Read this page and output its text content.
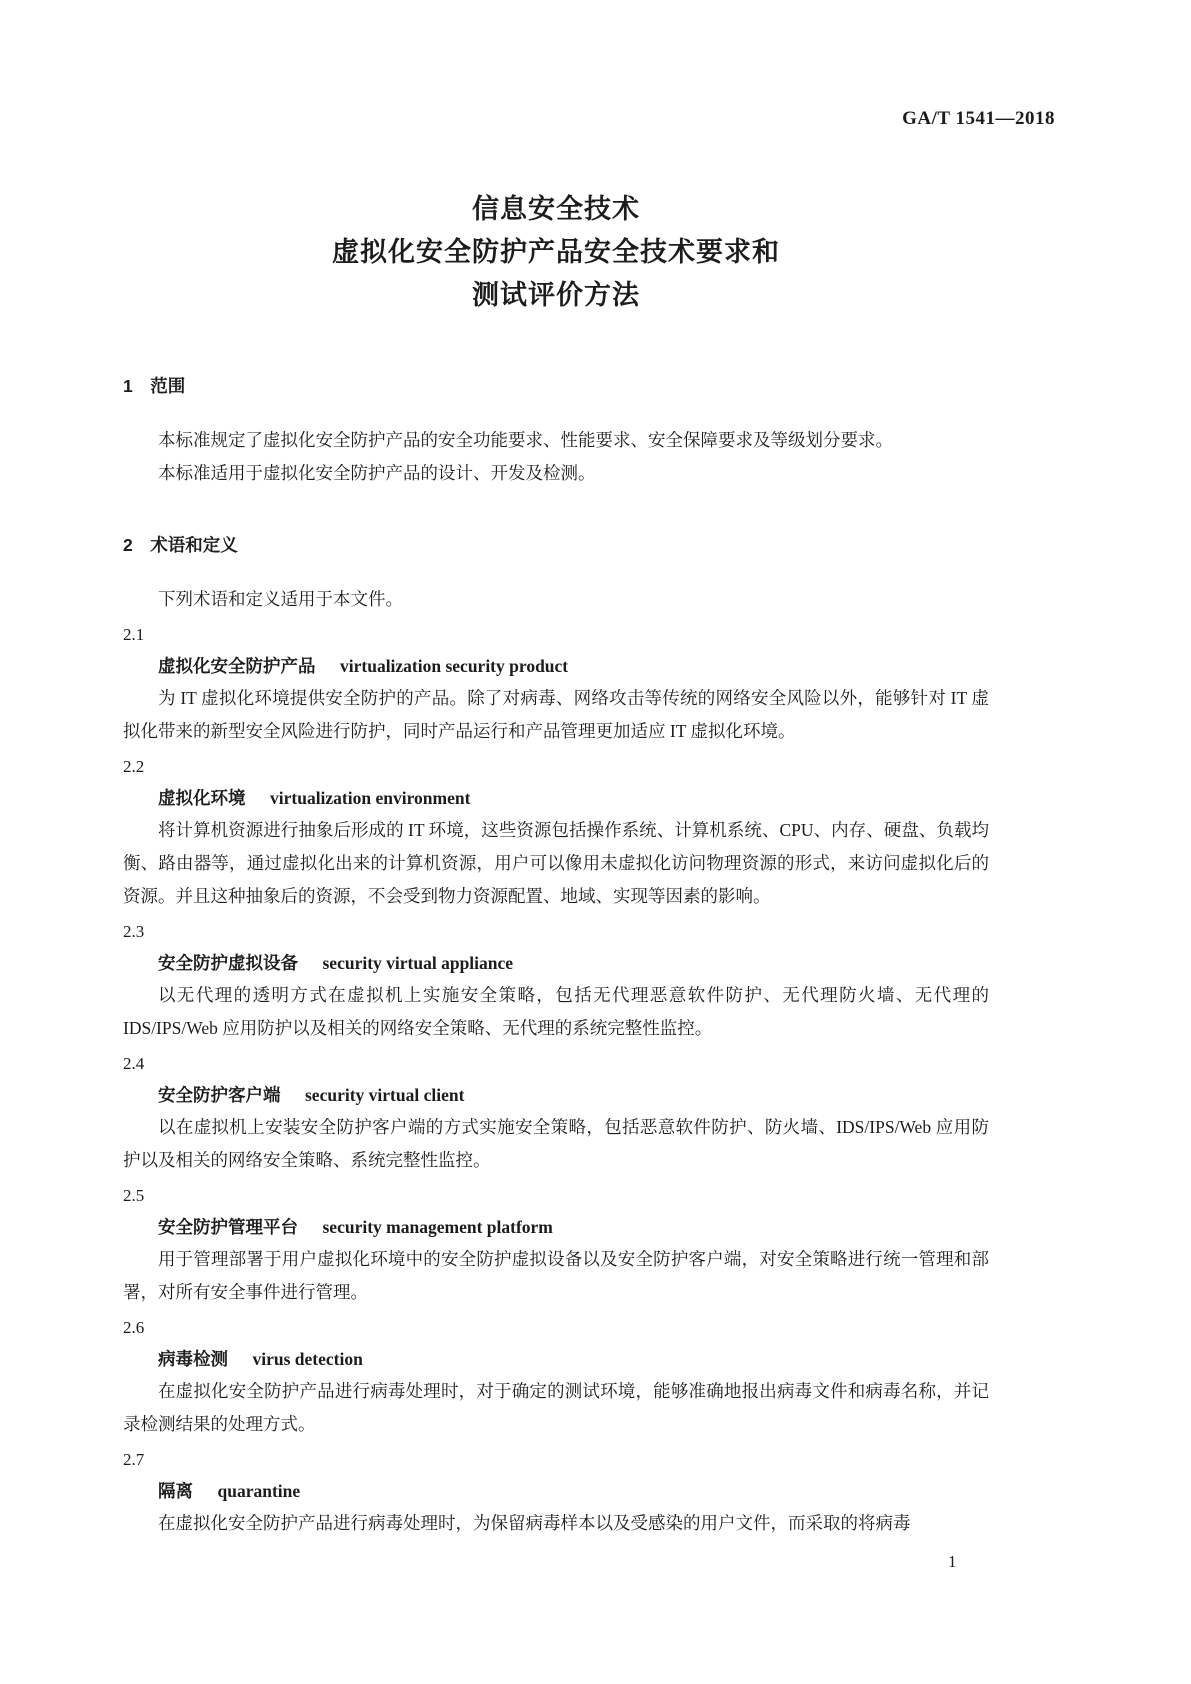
GA/T 1541—2018
信息安全技术
虚拟化安全防护产品安全技术要求和
测试评价方法
1　范围

本标准规定了虚拟化安全防护产品的安全功能要求、性能要求、安全保障要求及等级划分要求。

本标准适用于虚拟化安全防护产品的设计、开发及检测。

2　术语和定义

下列术语和定义适用于本文件。

2.1
虚拟化安全防护产品 virtualization security product

为 IT 虚拟化环境提供安全防护的产品。除了对病毒、网络攻击等传统的网络安全风险以外，能够针对 IT 虚拟化带来的新型安全风险进行防护，同时产品运行和产品管理更加适应 IT 虚拟化环境。

2.2
虚拟化环境 virtualization environment

将计算机资源进行抽象后形成的 IT 环境，这些资源包括操作系统、计算机系统、CPU、内存、硬盘、负载均衡、路由器等，通过虚拟化出来的计算机资源，用户可以像用未虚拟化访问物理资源的形式，来访问虚拟化后的资源。并且这种抽象后的资源，不会受到物力资源配置、地域、实现等因素的影响。

2.3
安全防护虚拟设备 security virtual appliance

以无代理的透明方式在虚拟机上实施安全策略，包括无代理恶意软件防护、无代理防火墙、无代理的 IDS/IPS/Web 应用防护以及相关的网络安全策略、无代理的系统完整性监控。

2.4
安全防护客户端 security virtual client

以在虚拟机上安装安全防护客户端的方式实施安全策略，包括恶意软件防护、防火墙、IDS/IPS/Web 应用防护以及相关的网络安全策略、系统完整性监控。

2.5
安全防护管理平台 security management platform

用于管理部署于用户虚拟化环境中的安全防护虚拟设备以及安全防护客户端，对安全策略进行统一管理和部署，对所有安全事件进行管理。

2.6
病毒检测 virus detection

在虚拟化安全防护产品进行病毒处理时，对于确定的测试环境，能够准确地报出病毒文件和病毒名称，并记录检测结果的处理方式。

2.7
隔离 quarantine

在虚拟化安全防护产品进行病毒处理时，为保留病毒样本以及受感染的用户文件，而采取的将病毒

1
